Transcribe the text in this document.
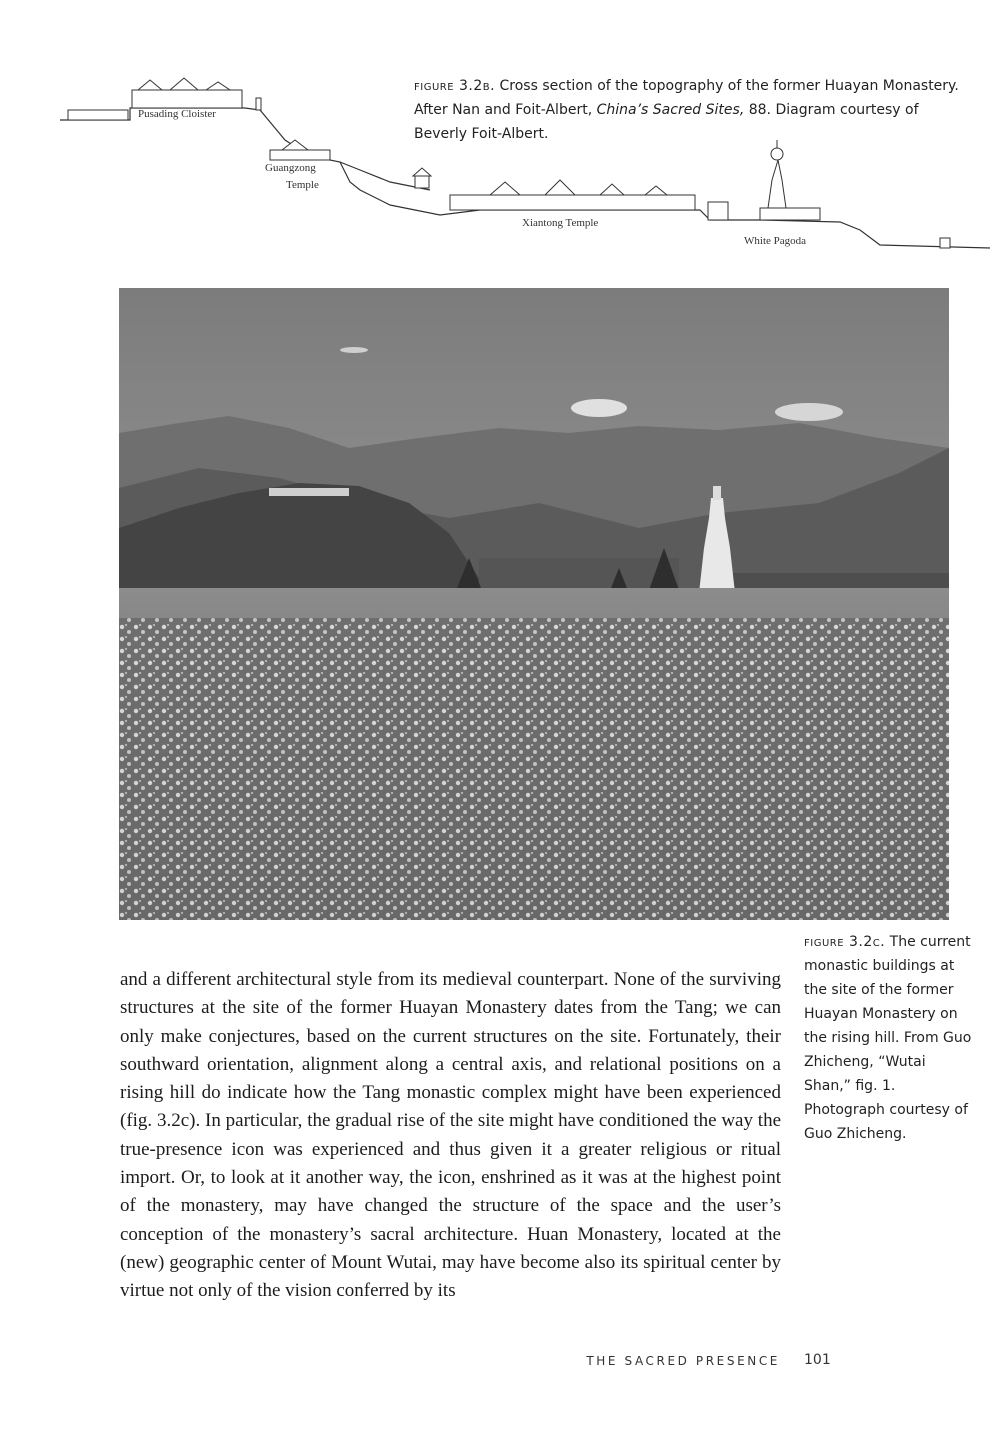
Pusading Cloister
Guangzong
Temple
Xiantong Temple
White Pagoda
figure 3.2b. Cross section of the topography of the former Huayan Monastery. After Nan and Foit-Albert, China’s Sacred Sites, 88. Diagram courtesy of Beverly Foit-Albert.
figure 3.2c. The current monastic buildings at the site of the former Huayan Monastery on the rising hill. From Guo Zhicheng, “Wutai Shan,” fig. 1. Photograph courtesy of Guo Zhicheng.

and a different architectural style from its medieval counterpart. None of the surviving structures at the site of the former Huayan Monastery dates from the Tang; we can only make conjectures, based on the current structures on the site. Fortunately, their southward orientation, alignment along a central axis, and relational positions on a rising hill do indicate how the Tang monastic complex might have been experienced (fig. 3.2c). In particular, the gradual rise of the site might have conditioned the way the true-presence icon was experienced and thus given it a greater religious or ritual import. Or, to look at it another way, the icon, enshrined as it was at the highest point of the monastery, may have changed the structure of the space and the user’s conception of the monastery’s sacral architecture. Huan Monastery, located at the (new) geographic center of Mount Wutai, may have become also its spiritual center by virtue not only of the vision conferred by its

THE SACRED PRESENCE 101
